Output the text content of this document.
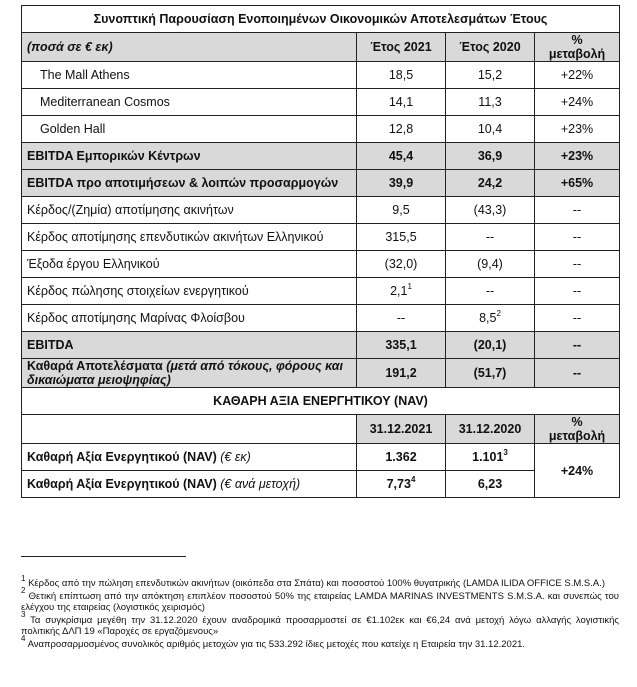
Συνοπτική Παρουσίαση Ενοποιημένων Οικονομικών Αποτελεσμάτων Έτους			
(ποσά σε € εκ)	Έτος 2021	Έτος 2020	%
μεταβολή
The Mall Athens	18,5	15,2	+22%
Mediterranean Cosmos	14,1	11,3	+24%
Golden Hall	12,8	10,4	+23%
EBITDA Εμπορικών Κέντρων	45,4	36,9	+23%
EBITDA προ αποτιμήσεων & λοιπών προσαρμογών	39,9	24,2	+65%
Κέρδος/(Ζημία) αποτίμησης ακινήτων	9,5	(43,3)	--
Κέρδος αποτίμησης επενδυτικών ακινήτων Ελληνικού	315,5	--	--
Έξοδα έργου Ελληνικού	(32,0)	(9,4)	--
Κέρδος πώλησης στοιχείων ενεργητικού	$2,1^1$	--	--
Κέρδος αποτίμησης Μαρίνας Φλοίσβου	--	$8,5^2$	--
EBITDA	335,1	(20,1)	--
Καθαρά Αποτελέσματα (μετά από τόκους, φόρους και δικαιώματα μειοψηφίας)	191,2	(51,7)	--
ΚΑΘΑΡΗ ΑΞΙΑ ΕΝΕΡΓΗΤΙΚΟΥ (NAV)			
	31.12.2021	31.12.2020	%
μεταβολή
Καθαρή Αξία Ενεργητικού (NAV) (€ εκ)	1.362	$1.101^3$	+24%
Καθαρή Αξία Ενεργητικού (NAV) (€ ανά μετοχή)	7,73$^4$	6,23	

$^1$ Κέρδος από την πώληση επενδυτικών ακινήτων (οικόπεδα στα Σπάτα) και ποσοστού 100% θυγατρικής (LAMDA ILIDA OFFICE S.M.S.A.)

$^2$ Θετική επίπτωση από την απόκτηση επιπλέον ποσοστού 50% της εταιρείας LAMDA MARINAS INVESTMENTS S.M.S.A. και συνεπώς του ελέγχου της εταιρείας (λογιστικός χειρισμός)

$^3$ Τα συγκρίσιμα μεγέθη την 31.12.2020 έχουν αναδρομικά προσαρμοστεί σε €1.102εκ και €6,24 ανά μετοχή λόγω αλλαγής λογιστικής πολιτικής ΔΛΠ 19 «Παροχές σε εργαζόμενους»

$^4$ Αναπροσαρμοσμένος συνολικός αριθμός μετοχών για τις 533.292 ίδιες μετοχές που κατείχε η Εταιρεία την 31.12.2021.
